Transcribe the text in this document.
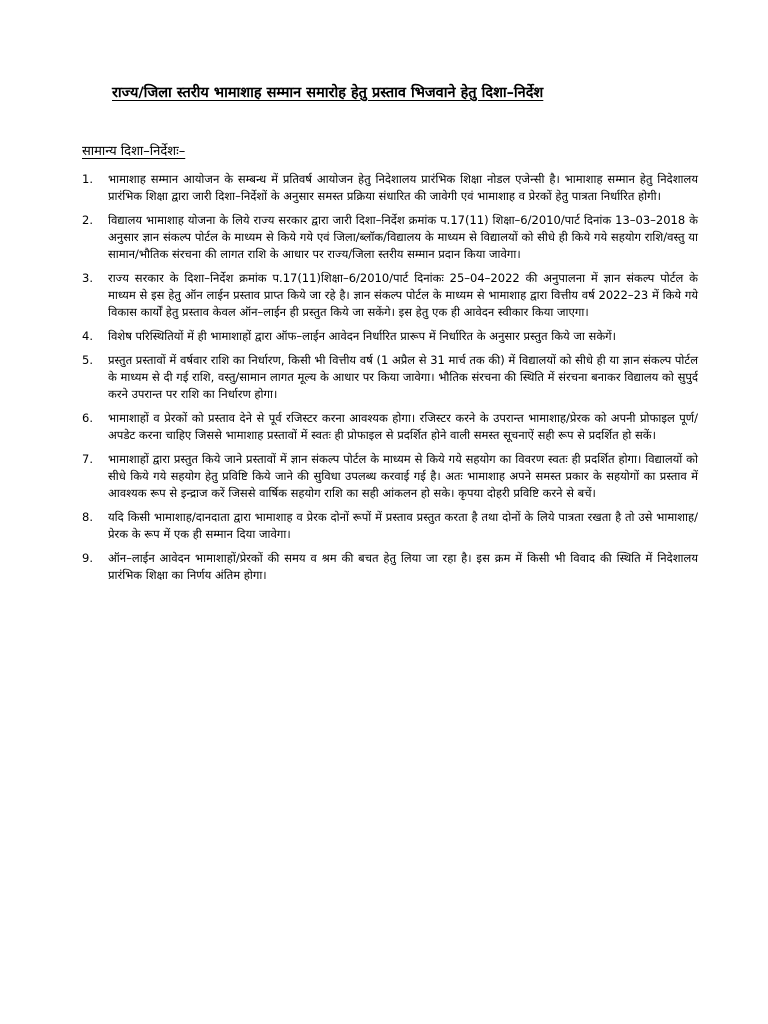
राज्य/जिला स्तरीय भामाशाह सम्मान समारोह हेतु प्रस्ताव भिजवाने हेतु दिशा–निर्देश
सामान्य दिशा–निर्देशः–
1.	भामाशाह सम्मान आयोजन के सम्बन्ध में प्रतिवर्ष आयोजन हेतु निदेशालय प्रारंभिक शिक्षा नोडल एजेन्सी है। भामाशाह सम्मान हेतु निदेशालय प्रारंभिक शिक्षा द्वारा जारी दिशा–निर्देशों के अनुसार समस्त प्रक्रिया संधारित की जावेगी एवं भामाशाह व प्रेरकों हेतु पात्रता निर्धारित होगी।
2.	विद्यालय भामाशाह योजना के लिये राज्य सरकार द्वारा जारी दिशा–निर्देश क्रमांक प.17(11) शिक्षा–6/2010/पार्ट दिनांक 13–03–2018 के अनुसार ज्ञान संकल्प पोर्टल के माध्यम से किये गये एवं जिला/ब्लॉक/विद्यालय के माध्यम से विद्यालयों को सीधे ही किये गये सहयोग राशि/वस्तु या सामान/भौतिक संरचना की लागत राशि के आधार पर राज्य/जिला स्तरीय सम्मान प्रदान किया जावेगा।
3.	राज्य सरकार के दिशा–निर्देश क्रमांक प.17(11)शिक्षा–6/2010/पार्ट दिनांकः 25–04–2022 की अनुपालना में ज्ञान संकल्प पोर्टल के माध्यम से इस हेतु ऑन लाईन प्रस्ताव प्राप्त किये जा रहे है। ज्ञान संकल्प पोर्टल के माध्यम से भामाशाह द्वारा वित्तीय वर्ष 2022–23 में किये गये विकास कार्यों हेतु प्रस्ताव केवल ऑन–लाईन ही प्रस्तुत किये जा सकेंगे। इस हेतु एक ही आवेदन स्वीकार किया जाएगा।
4.	विशेष परिस्थितियों में ही भामाशाहों द्वारा ऑफ–लाईन आवेदन निर्धारित प्रारूप में निर्धारित के अनुसार प्रस्तुत किये जा सकेगें।
5.	प्रस्तुत प्रस्तावों में वर्षवार राशि का निर्धारण, किसी भी वित्तीय वर्ष (1 अप्रैल से 31 मार्च तक की) में विद्यालयों को सीधे ही या ज्ञान संकल्प पोर्टल के माध्यम से दी गई राशि, वस्तु/सामान लागत मूल्य के आधार पर किया जावेगा। भौतिक संरचना की स्थिति में संरचना बनाकर विद्यालय को सुपुर्द करने उपरान्त पर राशि का निर्धारण होगा।
6.	भामाशाहों व प्रेरकों को प्रस्ताव देने से पूर्व रजिस्टर करना आवश्यक होगा। रजिस्टर करने के उपरान्त भामाशाह/प्रेरक को अपनी प्रोफाइल पूर्ण/अपडेट करना चाहिए जिससे भामाशाह प्रस्तावों में स्वतः ही प्रोफाइल से प्रदर्शित होने वाली समस्त सूचनाऐं सही रूप से प्रदर्शित हो सकें।
7.	भामाशाहों द्वारा प्रस्तुत किये जाने प्रस्तावों में ज्ञान संकल्प पोर्टल के माध्यम से किये गये सहयोग का विवरण स्वतः ही प्रदर्शित होगा। विद्यालयों को सीधे किये गये सहयोग हेतु प्रविष्टि किये जाने की सुविधा उपलब्ध करवाई गई है। अतः भामाशाह अपने समस्त प्रकार के सहयोगों का प्रस्ताव में आवश्यक रूप से इन्द्राज करें जिससे वार्षिक सहयोग राशि का सही आंकलन हो सके। कृपया दोहरी प्रविष्टि करने से बचें।
8.	यदि किसी भामाशाह/दानदाता द्वारा भामाशाह व प्रेरक दोनों रूपों में प्रस्ताव प्रस्तुत करता है तथा दोनों के लिये पात्रता रखता है तो उसे भामाशाह/प्रेरक के रूप में एक ही सम्मान दिया जावेगा।
9.	ऑन–लाईन आवेदन भामाशाहों/प्रेरकों की समय व श्रम की बचत हेतु लिया जा रहा है। इस क्रम में किसी भी विवाद की स्थिति में निदेशालय प्रारंभिक शिक्षा का निर्णय अंतिम होगा।
